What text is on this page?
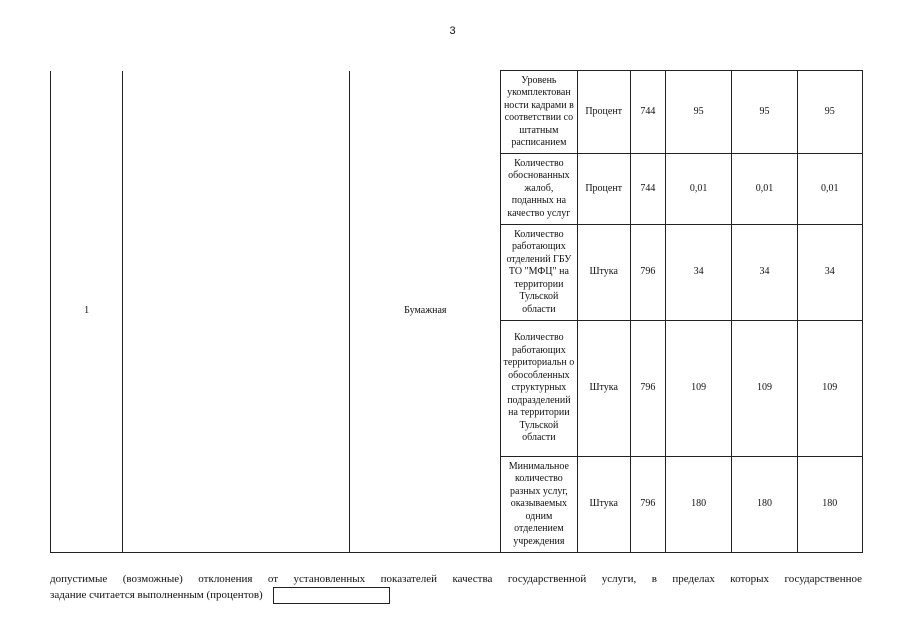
3
1		Бумажная	Уровень укомплектован ности кадрами в соответствии со штатным расписанием	Процент	744	95	95	95
			Количество обоснованных жалоб, поданных на качество услуг	Процент	744	0,01	0,01	0,01
			Количество работающих отделений ГБУ ТО "МФЦ" на территории Тульской области	Штука	796	34	34	34
			Количество работающих территориальн о обособленных структурных подразделений на территории Тульской области	Штука	796	109	109	109
			Минимальное количество разных услуг, оказываемых одним отделением учреждения	Штука	796	180	180	180
допустимые (возможные) отклонения от установленных показателей качества государственной услуги, в пределах которых государственное
задание считается выполненным (процентов)
